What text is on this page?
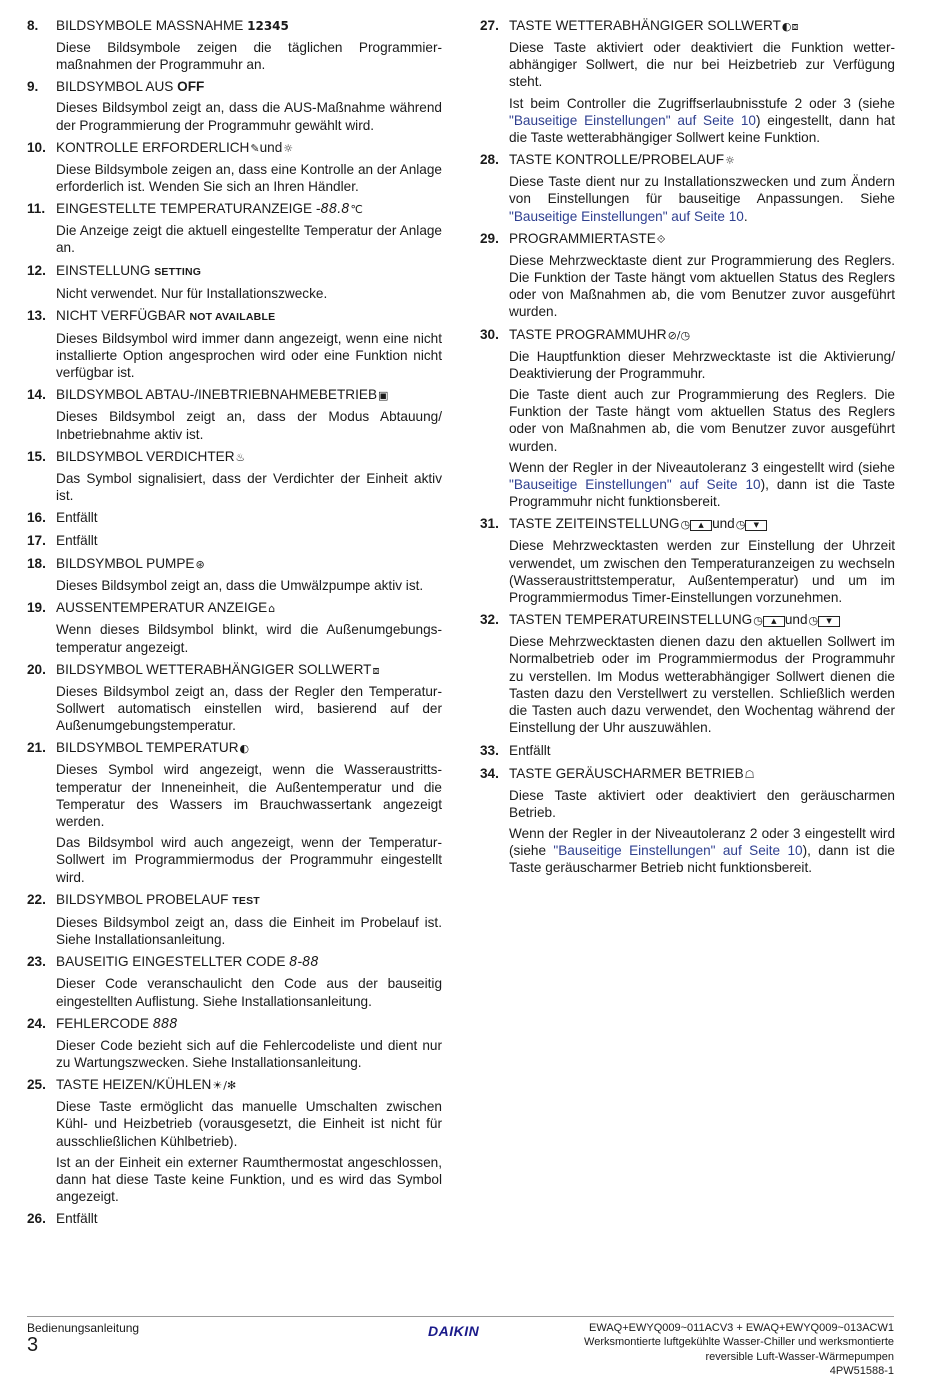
8.	BILDSYMBOLE MASSNAHME 12345
Diese Bildsymbole zeigen die täglichen Programmier-maßnahmen der Programmuhr an.
9.	BILDSYMBOL AUS OFF
Dieses Bildsymbol zeigt an, dass die AUS-Maßnahme während der Programmierung der Programmuhr gewählt wird.
10. KONTROLLE ERFORDERLICH✎und☼
Diese Bildsymbole zeigen an, dass eine Kontrolle an der Anlage erforderlich ist. Wenden Sie sich an Ihren Händler.
11. EINGESTELLTE TEMPERATURANZEIGE -88.8℃
Die Anzeige zeigt die aktuell eingestellte Temperatur der Anlage an.
12. EINSTELLUNG SETTING
Nicht verwendet. Nur für Installationszwecke.
13. NICHT VERFÜGBAR NOT AVAILABLE
Dieses Bildsymbol wird immer dann angezeigt, wenn eine nicht installierte Option angesprochen wird oder eine Funktion nicht verfügbar ist.
14. BILDSYMBOL ABTAU-/INEBTRIEBNAHMEBETRIEB▣
Dieses Bildsymbol zeigt an, dass der Modus Abtauung/ Inbetriebnahme aktiv ist.
15. BILDSYMBOL VERDICHTER♨
Das Symbol signalisiert, dass der Verdichter der Einheit aktiv ist.
16. Entfällt
17. Entfällt
18. BILDSYMBOL PUMPE⊛
Dieses Bildsymbol zeigt an, dass die Umwälzpumpe aktiv ist.
19. AUSSENTEMPERATUR ANZEIGE⌂
Wenn dieses Bildsymbol blinkt, wird die Außenumgebungs-temperatur angezeigt.
20. BILDSYMBOL WETTERABHÄNGIGER SOLLWERT⧈
Dieses Bildsymbol zeigt an, dass der Regler den Temperatur-Sollwert automatisch einstellen wird, basierend auf der Außenumgebungstemperatur.
21. BILDSYMBOL TEMPERATUR◐
Dieses Symbol wird angezeigt, wenn die Wasseraustritts-temperatur der Inneneinheit, die Außentemperatur und die Temperatur des Wassers im Brauchwassertank angezeigt werden.
Das Bildsymbol wird auch angezeigt, wenn der Temperatur-Sollwert im Programmiermodus der Programmuhr eingestellt wird.
22. BILDSYMBOL PROBELAUF TEST
Dieses Bildsymbol zeigt an, dass die Einheit im Probelauf ist. Siehe Installationsanleitung.
23. BAUSEITIG EINGESTELLTER CODE 8-88
Dieser Code veranschaulicht den Code aus der bauseitig eingestellten Auflistung. Siehe Installationsanleitung.
24. FEHLERCODE 888
Dieser Code bezieht sich auf die Fehlercodeliste und dient nur zu Wartungszwecken. Siehe Installationsanleitung.
25. TASTE HEIZEN/KÜHLEN☀/✻
Diese Taste ermöglicht das manuelle Umschalten zwischen Kühl- und Heizbetrieb (vorausgesetzt, die Einheit ist nicht für ausschließlichen Kühlbetrieb).
Ist an der Einheit ein externer Raumthermostat angeschlossen, dann hat diese Taste keine Funktion, und es wird das Symbol angezeigt.
26. Entfällt
27. TASTE WETTERABHÄNGIGER SOLLWERT◐⧈
Diese Taste aktiviert oder deaktiviert die Funktion wetter-abhängiger Sollwert, die nur bei Heizbetrieb zur Verfügung steht.
Ist beim Controller die Zugriffserlaubnisstufe 2 oder 3 (siehe "Bauseitige Einstellungen" auf Seite 10) eingestellt, dann hat die Taste wetterabhängiger Sollwert keine Funktion.
28. TASTE KONTROLLE/PROBELAUF☼
Diese Taste dient nur zu Installationszwecken und zum Ändern von Einstellungen für bauseitige Anpassungen. Siehe "Bauseitige Einstellungen" auf Seite 10.
29. PROGRAMMIERTASTE⟐
Diese Mehrzwecktaste dient zur Programmierung des Reglers. Die Funktion der Taste hängt vom aktuellen Status des Reglers oder von Maßnahmen ab, die vom Benutzer zuvor ausgeführt wurden.
30. TASTE PROGRAMMUHR⊘/◷
Die Hauptfunktion dieser Mehrzwecktaste ist die Aktivierung/ Deaktivierung der Programmuhr.
Die Taste dient auch zur Programmierung des Reglers. Die Funktion der Taste hängt vom aktuellen Status des Reglers oder von Maßnahmen ab, die vom Benutzer zuvor ausgeführt wurden.
Wenn der Regler in der Niveautoleranz 3 eingestellt wird (siehe "Bauseitige Einstellungen" auf Seite 10), dann ist die Taste Programmuhr nicht funktionsbereit.
31. TASTE ZEITEINSTELLUNG◷ ▲ und◷ ▼
Diese Mehrzwecktasten werden zur Einstellung der Uhrzeit verwendet, um zwischen den Temperaturanzeigen zu wechseln (Wasseraustrittstemperatur, Außentemperatur) und um im Programmiermodus Timer-Einstellungen vorzunehmen.
32. TASTEN TEMPERATUREINSTELLUNG◷ ▲ und◷ ▼
Diese Mehrzwecktasten dienen dazu den aktuellen Sollwert im Normalbetrieb oder im Programmiermodus der Programmuhr zu verstellen. Im Modus wetterabhängiger Sollwert dienen die Tasten dazu den Verstellwert zu verstellen. Schließlich werden die Tasten auch dazu verwendet, den Wochentag während der Einstellung der Uhr auszuwählen.
33. Entfällt
34. TASTE GERÄUSCHARMER BETRIEB☖
Diese Taste aktiviert oder deaktiviert den geräuscharmen Betrieb.
Wenn der Regler in der Niveautoleranz 2 oder 3 eingestellt wird (siehe "Bauseitige Einstellungen" auf Seite 10), dann ist die Taste geräuscharmer Betrieb nicht funktionsbereit.
Bedienungsanleitung
3
DAIKIN	EWAQ+EWYQ009~011ACV3 + EWAQ+EWYQ009~013ACW1
Werksmontierte luftgekühlte Wasser-Chiller und werksmontierte
reversible Luft-Wasser-Wärmepumpen
4PW51588-1
